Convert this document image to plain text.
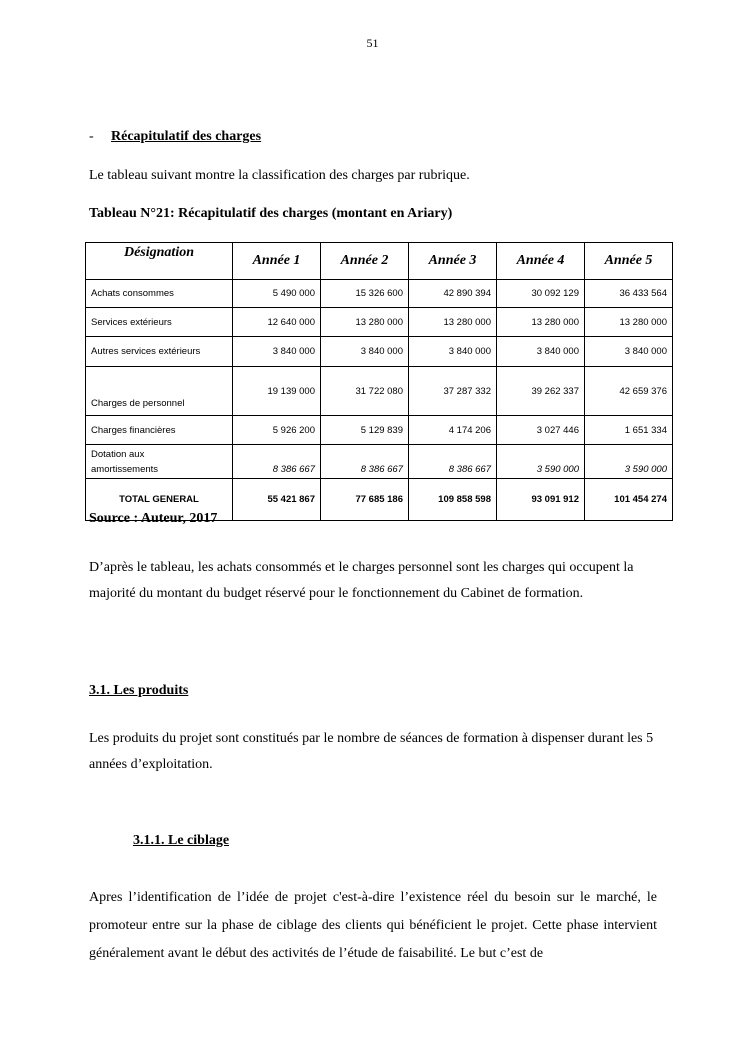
51
- Récapitulatif des charges
Le tableau suivant montre la classification des charges par rubrique.
Tableau N°21: Récapitulatif des charges (montant en Ariary)
Désignation	Année 1	Année 2	Année 3	Année 4	Année 5
Achats consommes	5 490 000	15 326 600	42 890 394	30 092 129	36 433 564
Services extérieurs	12 640 000	13 280 000	13 280 000	13 280 000	13 280 000
Autres services extérieurs	3 840 000	3 840 000	3 840 000	3 840 000	3 840 000
Charges de personnel	19 139 000	31 722 080	37 287 332	39 262 337	42 659 376
Charges financières	5 926 200	5 129 839	4 174 206	3 027 446	1 651 334
Dotation aux
amortissements	8 386 667	8 386 667	8 386 667	3 590 000	3 590 000
TOTAL GENERAL	55 421 867	77 685 186	109 858 598	93 091 912	101 454 274
Source : Auteur, 2017
D’après le tableau, les achats consommés et le charges personnel sont les charges qui occupent la majorité du montant du budget réservé pour le fonctionnement du Cabinet de formation.
3.1. Les produits
Les produits du projet sont constitués par le nombre de séances de formation à dispenser durant les 5 années d’exploitation.
3.1.1. Le ciblage
Apres l’identification de l’idée de projet c'est-à-dire l’existence réel du besoin sur le marché, le promoteur entre sur la phase de ciblage des clients qui bénéficient le projet. Cette phase intervient généralement avant le début des activités de l’étude de faisabilité. Le but c’est de
